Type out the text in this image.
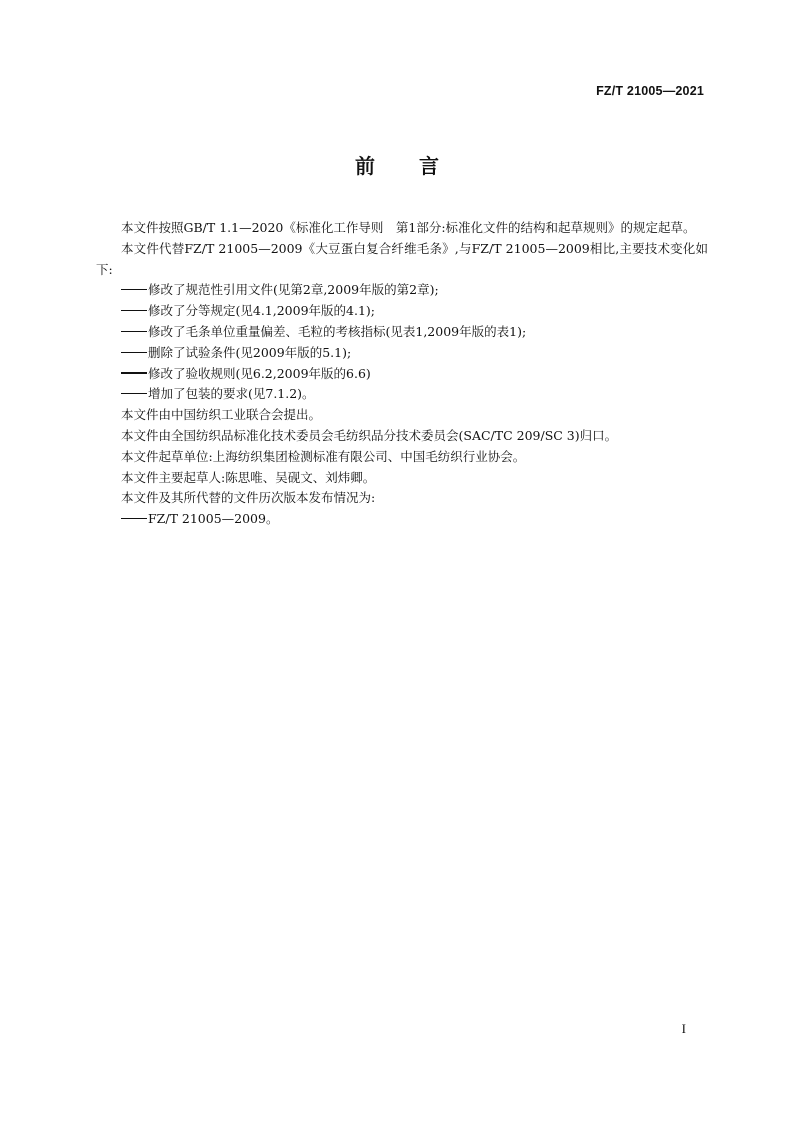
FZ/T 21005—2021
前言

本文件按照GB/T 1.1—2020《标准化工作导则　第1部分:标准化文件的结构和起草规则》的规定起草。

本文件代替FZ/T 21005—2009《大豆蛋白复合纤维毛条》,与FZ/T 21005—2009相比,主要技术变化如下:

修改了规范性引用文件(见第2章,2009年版的第2章);

修改了分等规定(见4.1,2009年版的4.1);

修改了毛条单位重量偏差、毛粒的考核指标(见表1,2009年版的表1);

删除了试验条件(见2009年版的5.1);

修改了验收规则(见6.2,2009年版的6.6)

增加了包装的要求(见7.1.2)。

本文件由中国纺织工业联合会提出。

本文件由全国纺织品标准化技术委员会毛纺织品分技术委员会(SAC/TC 209/SC 3)归口。

本文件起草单位:上海纺织集团检测标准有限公司、中国毛纺织行业协会。

本文件主要起草人:陈思唯、吴砚文、刘炜卿。

本文件及其所代替的文件历次版本发布情况为:

FZ/T 21005—2009。

I
